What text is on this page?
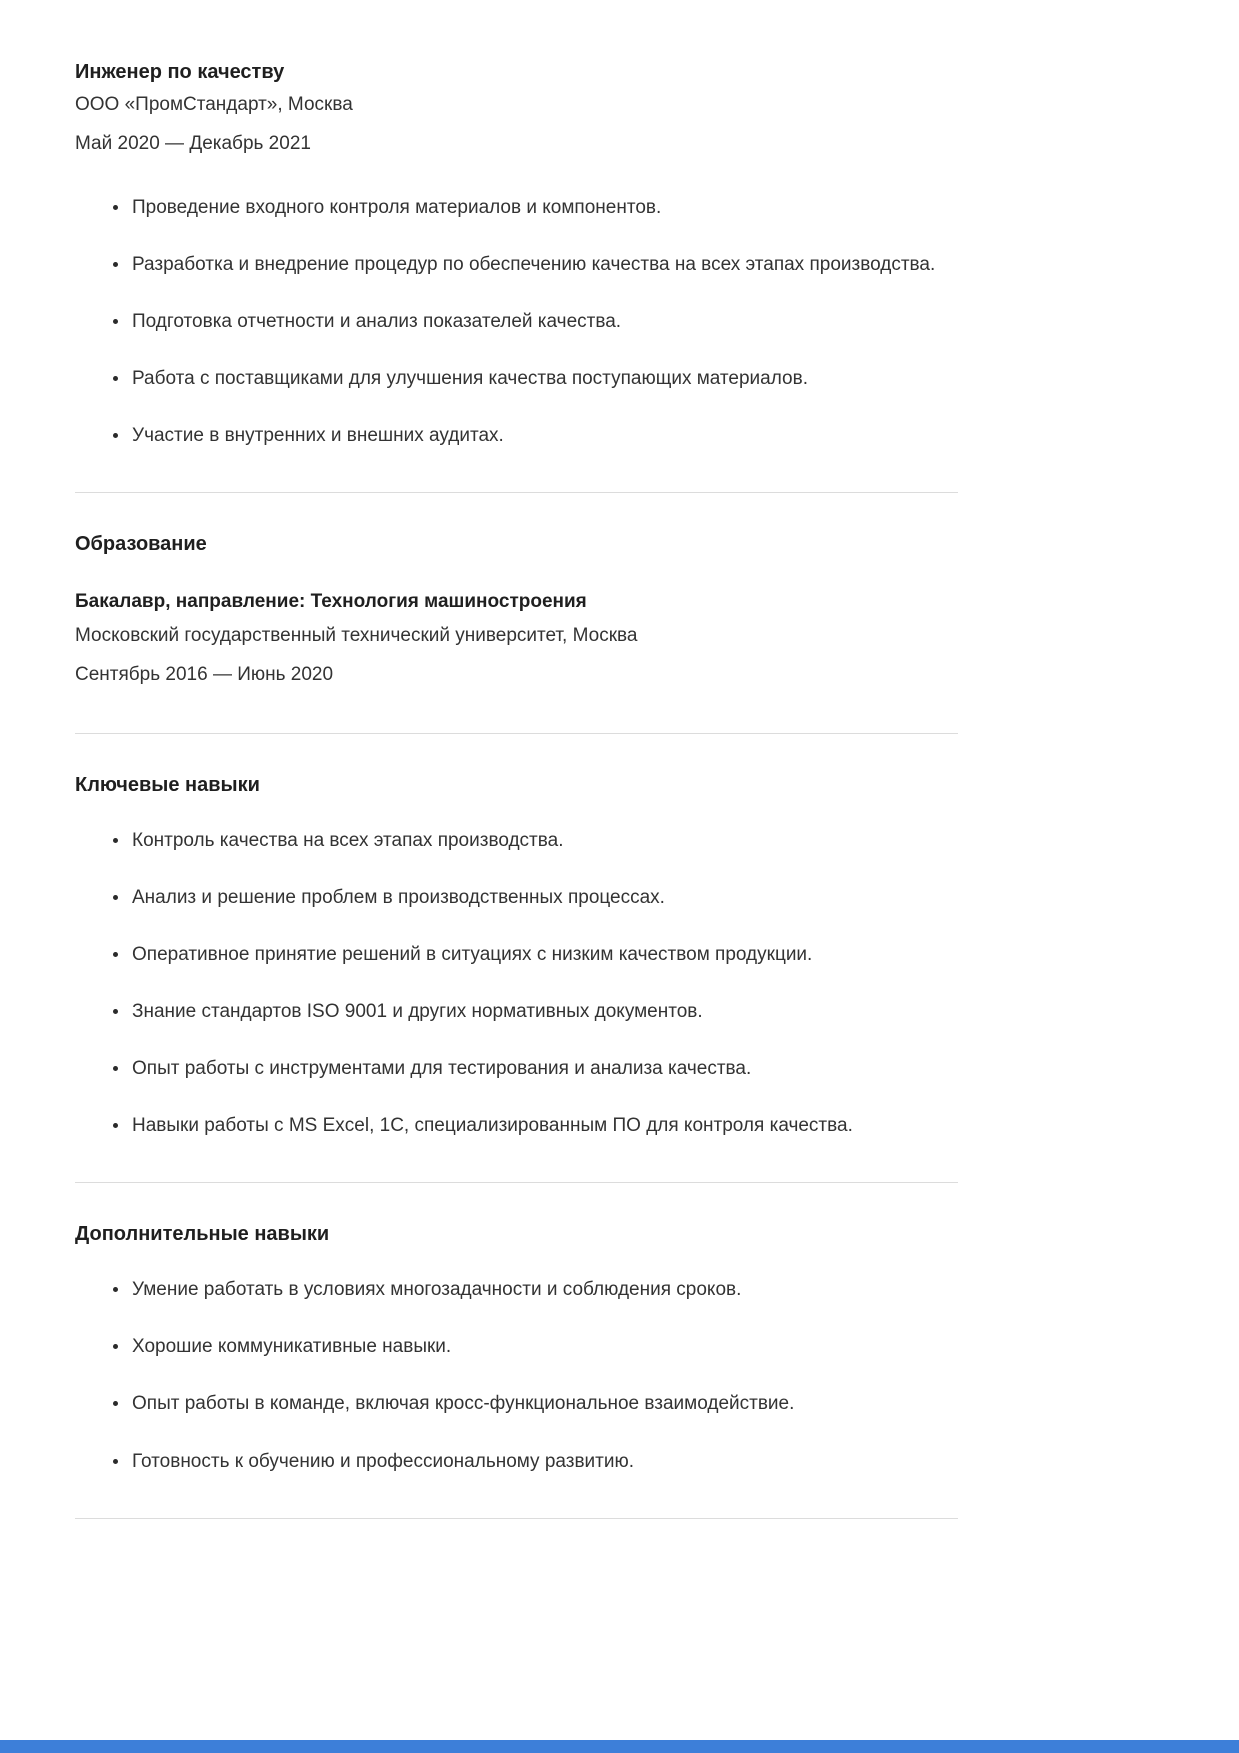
Инженер по качеству

ООО «ПромСтандарт», Москва

Май 2020 — Декабрь 2021

• Проведение входного контроля материалов и компонентов.
• Разработка и внедрение процедур по обеспечению качества на всех этапах производства.
• Подготовка отчетности и анализ показателей качества.
• Работа с поставщиками для улучшения качества поступающих материалов.
• Участие в внутренних и внешних аудитах.
Образование

Бакалавр, направление: Технология машиностроения

Московский государственный технический университет, Москва

Сентябрь 2016 — Июнь 2020

Ключевые навыки
• Контроль качества на всех этапах производства.
• Анализ и решение проблем в производственных процессах.
• Оперативное принятие решений в ситуациях с низким качеством продукции.
• Знание стандартов ISO 9001 и других нормативных документов.
• Опыт работы с инструментами для тестирования и анализа качества.
• Навыки работы с MS Excel, 1C, специализированным ПО для контроля качества.
Дополнительные навыки
• Умение работать в условиях многозадачности и соблюдения сроков.
• Хорошие коммуникативные навыки.
• Опыт работы в команде, включая кросс-функциональное взаимодействие.
• Готовность к обучению и профессиональному развитию.
